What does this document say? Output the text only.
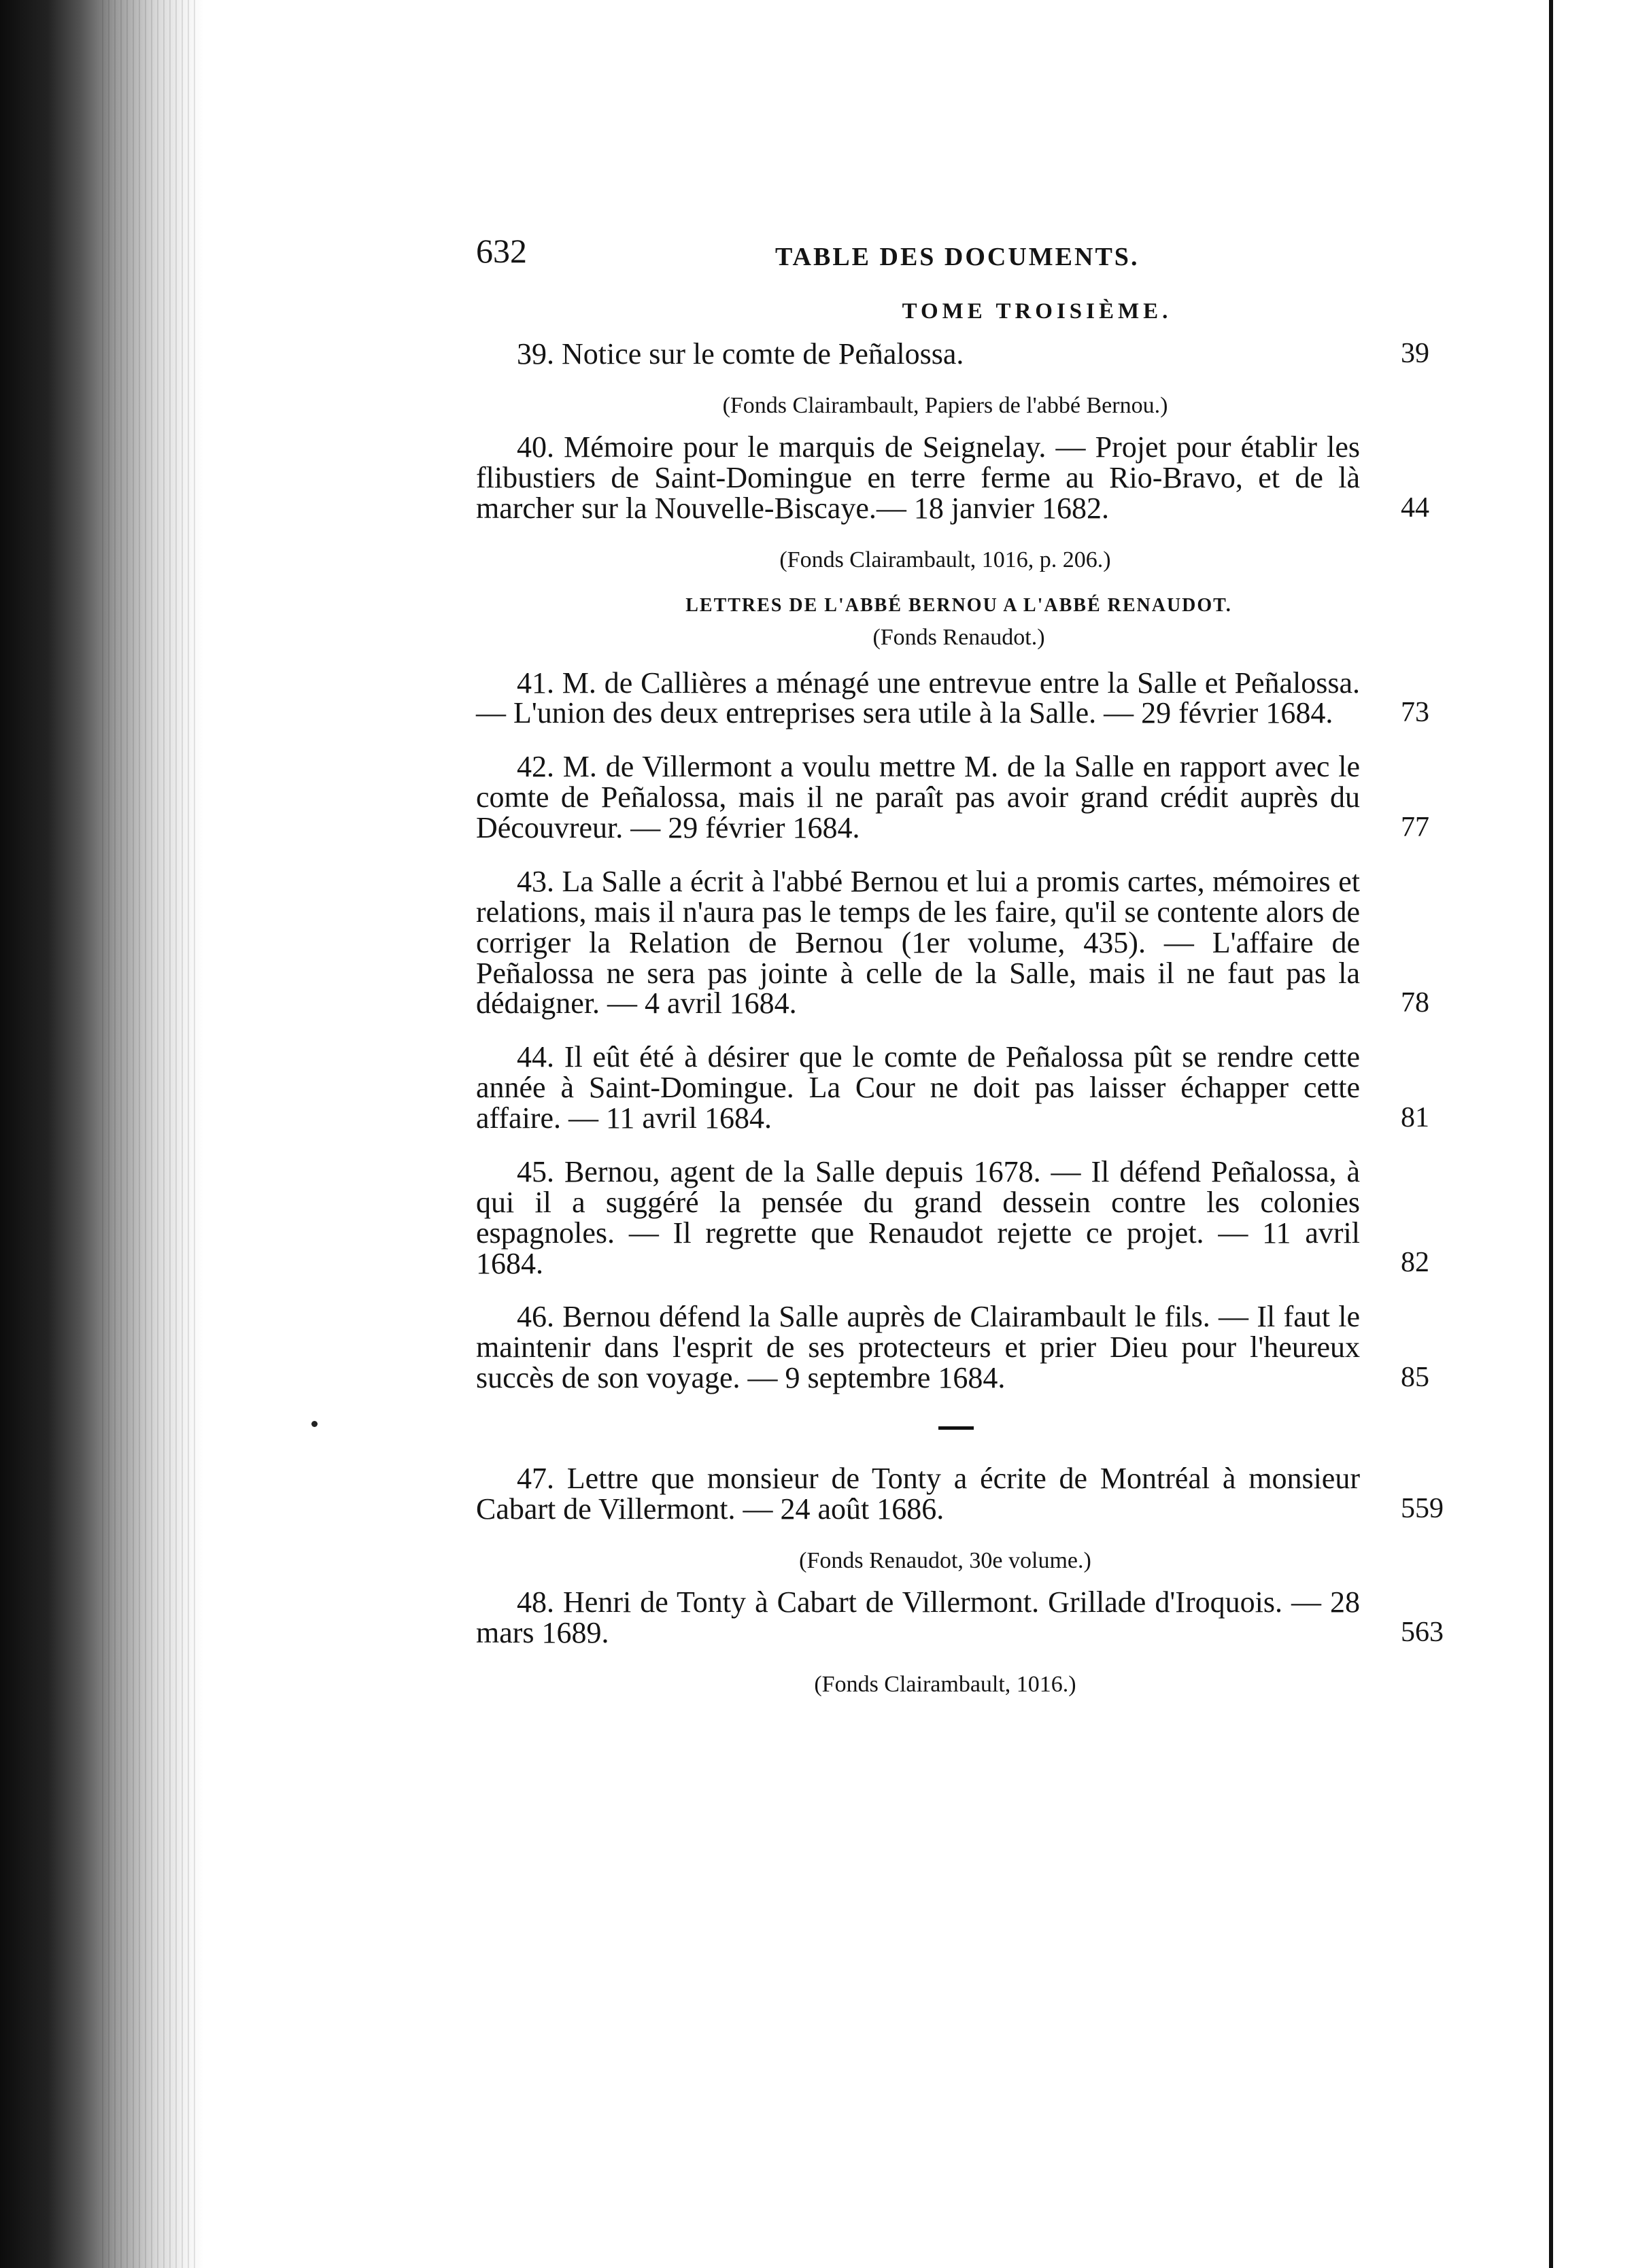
632	TABLE DES DOCUMENTS.
TOME TROISIÈME.
39. Notice sur le comte de Peñalossa.	39
(Fonds Clairambault, Papiers de l'abbé Bernou.)
40. Mémoire pour le marquis de Seignelay. — Projet pour établir les flibustiers de Saint-Domingue en terre ferme au Rio-Bravo, et de là marcher sur la Nouvelle-Biscaye.— 18 janvier 1682.	44
(Fonds Clairambault, 1016, p. 206.)
LETTRES DE L'ABBÉ BERNOU A L'ABBÉ RENAUDOT.
(Fonds Renaudot.)
41. M. de Callières a ménagé une entrevue entre la Salle et Peñalossa. — L'union des deux entreprises sera utile à la Salle. — 29 février 1684.	73
42. M. de Villermont a voulu mettre M. de la Salle en rapport avec le comte de Peñalossa, mais il ne paraît pas avoir grand crédit auprès du Découvreur. — 29 février 1684.	77
43. La Salle a écrit à l'abbé Bernou et lui a promis cartes, mémoires et relations, mais il n'aura pas le temps de les faire, qu'il se contente alors de corriger la Relation de Bernou (1er volume, 435). — L'affaire de Peñalossa ne sera pas jointe à celle de la Salle, mais il ne faut pas la dédaigner. — 4 avril 1684.	78
44. Il eût été à désirer que le comte de Peñalossa pût se rendre cette année à Saint-Domingue. La Cour ne doit pas laisser échapper cette affaire. — 11 avril 1684.	81
45. Bernou, agent de la Salle depuis 1678. — Il défend Peñalossa, à qui il a suggéré la pensée du grand dessein contre les colonies espagnoles. — Il regrette que Renaudot rejette ce projet. — 11 avril 1684.	82
46. Bernou défend la Salle auprès de Clairambault le fils. — Il faut le maintenir dans l'esprit de ses protecteurs et prier Dieu pour l'heureux succès de son voyage. — 9 septembre 1684.	85
47. Lettre que monsieur de Tonty a écrite de Montréal à monsieur Cabart de Villermont. — 24 août 1686.	559
(Fonds Renaudot, 30e volume.)
48. Henri de Tonty à Cabart de Villermont. Grillade d'Iroquois. — 28 mars 1689.	563
(Fonds Clairambault, 1016.)
